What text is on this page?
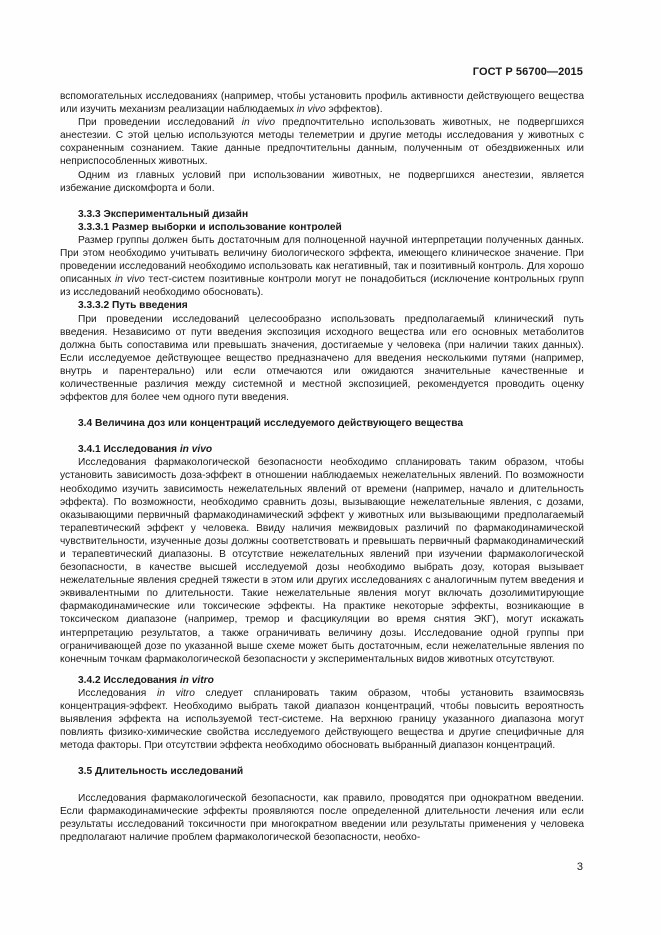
ГОСТ Р 56700—2015

вспомогательных исследованиях (например, чтобы установить профиль активности действующего вещества или изучить механизм реализации наблюдаемых in vivo эффектов).

При проведении исследований in vivo предпочтительно использовать животных, не подвергшихся анестезии. С этой целью используются методы телеметрии и другие методы исследования у животных с сохраненным сознанием. Такие данные предпочтительны данным, полученным от обездвиженных или неприспособленных животных.

Одним из главных условий при использовании животных, не подвергшихся анестезии, является избежание дискомфорта и боли.

3.3.3 Экспериментальный дизайн

3.3.3.1 Размер выборки и использование контролей

Размер группы должен быть достаточным для полноценной научной интерпретации полученных данных. При этом необходимо учитывать величину биологического эффекта, имеющего клиническое значение. При проведении исследований необходимо использовать как негативный, так и позитивный контроль. Для хорошо описанных in vivo тест-систем позитивные контроли могут не понадобиться (исключение контрольных групп из исследований необходимо обосновать).

3.3.3.2 Путь введения

При проведении исследований целесообразно использовать предполагаемый клинический путь введения. Независимо от пути введения экспозиция исходного вещества или его основных метаболитов должна быть сопоставима или превышать значения, достигаемые у человека (при наличии таких данных). Если исследуемое действующее вещество предназначено для введения несколькими путями (например, внутрь и парентерально) или если отмечаются или ожидаются значительные качественные и количественные различия между системной и местной экспозицией, рекомендуется проводить оценку эффектов для более чем одного пути введения.

3.4 Величина доз или концентраций исследуемого действующего вещества

3.4.1 Исследования in vivo

Исследования фармакологической безопасности необходимо спланировать таким образом, чтобы установить зависимость доза-эффект в отношении наблюдаемых нежелательных явлений. По возможности необходимо изучить зависимость нежелательных явлений от времени (например, начало и длительность эффекта). По возможности, необходимо сравнить дозы, вызывающие нежелательные явления, с дозами, оказывающими первичный фармакодинамический эффект у животных или вызывающими предполагаемый терапевтический эффект у человека. Ввиду наличия межвидовых различий по фармакодинамической чувствительности, изученные дозы должны соответствовать и превышать первичный фармакодинамический и терапевтический диапазоны. В отсутствие нежелательных явлений при изучении фармакологической безопасности, в качестве высшей исследуемой дозы необходимо выбрать дозу, которая вызывает нежелательные явления средней тяжести в этом или других исследованиях с аналогичным путем введения и эквивалентными по длительности. Такие нежелательные явления могут включать дозолимитирующие фармакодинамические или токсические эффекты. На практике некоторые эффекты, возникающие в токсическом диапазоне (например, тремор и фасцикуляции во время снятия ЭКГ), могут искажать интерпретацию результатов, а также ограничивать величину дозы. Исследование одной группы при ограничивающей дозе по указанной выше схеме может быть достаточным, если нежелательные явления по конечным точкам фармакологической безопасности у экспериментальных видов животных отсутствуют.

3.4.2 Исследования in vitro

Исследования in vitro следует спланировать таким образом, чтобы установить взаимосвязь концентрация-эффект. Необходимо выбрать такой диапазон концентраций, чтобы повысить вероятность выявления эффекта на используемой тест-системе. На верхнюю границу указанного диапазона могут повлиять физико-химические свойства исследуемого действующего вещества и другие специфичные для метода факторы. При отсутствии эффекта необходимо обосновать выбранный диапазон концентраций.

3.5 Длительность исследований

Исследования фармакологической безопасности, как правило, проводятся при однократном введении. Если фармакодинамические эффекты проявляются после определенной длительности лечения или если результаты исследований токсичности при многократном введении или результаты применения у человека предполагают наличие проблем фармакологической безопасности, необхо-

3
